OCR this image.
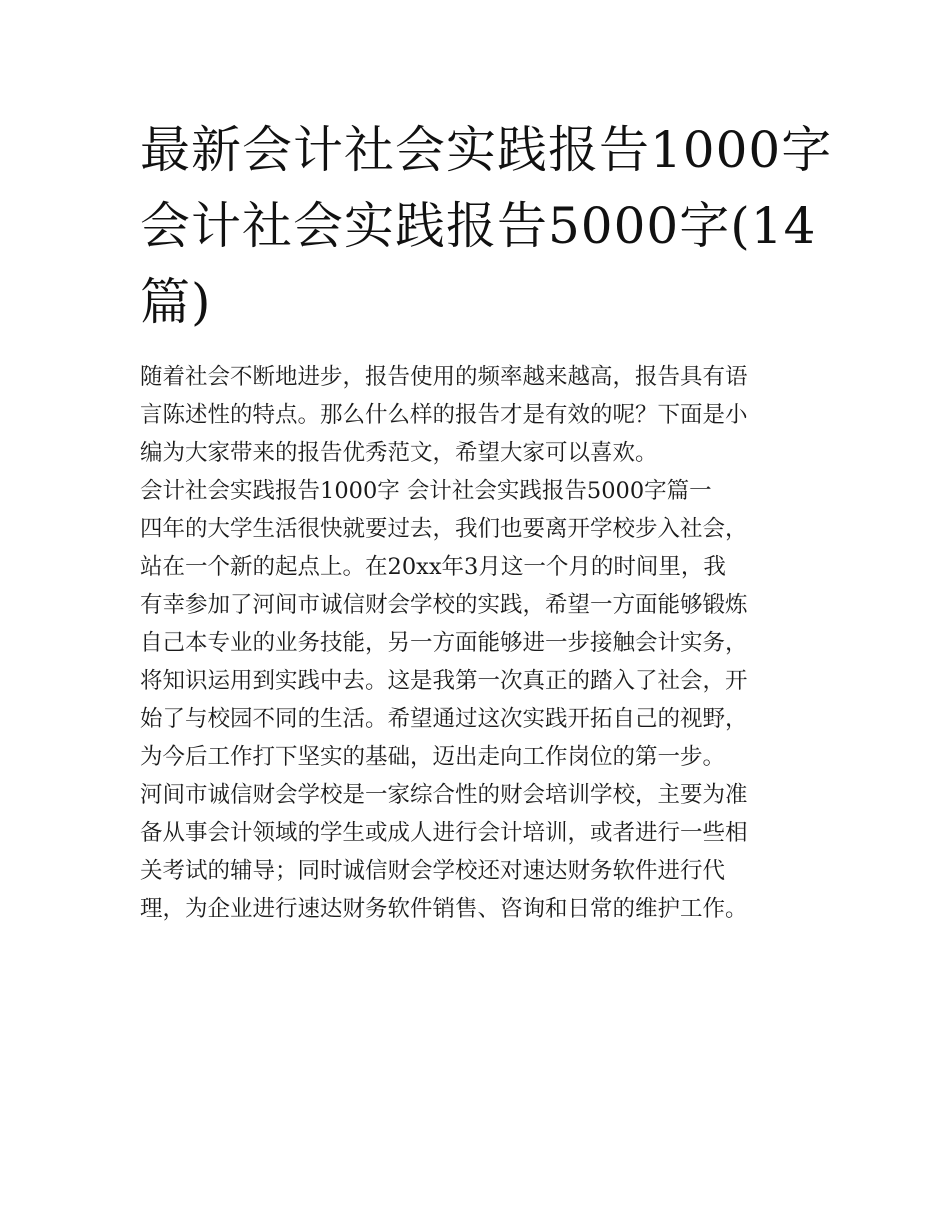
最新会计社会实践报告1000字
会计社会实践报告5000字(14
篇)
随着社会不断地进步，报告使用的频率越来越高，报告具有语
言陈述性的特点。那么什么样的报告才是有效的呢？下面是小
编为大家带来的报告优秀范文，希望大家可以喜欢。
会计社会实践报告1000字 会计社会实践报告5000字篇一
四年的大学生活很快就要过去，我们也要离开学校步入社会，
站在一个新的起点上。在20xx年3月这一个月的时间里，我
有幸参加了河间市诚信财会学校的实践，希望一方面能够锻炼
自己本专业的业务技能，另一方面能够进一步接触会计实务，
将知识运用到实践中去。这是我第一次真正的踏入了社会，开
始了与校园不同的生活。希望通过这次实践开拓自己的视野，
为今后工作打下坚实的基础，迈出走向工作岗位的第一步。
河间市诚信财会学校是一家综合性的财会培训学校，主要为准
备从事会计领域的学生或成人进行会计培训，或者进行一些相
关考试的辅导；同时诚信财会学校还对速达财务软件进行代
理，为企业进行速达财务软件销售、咨询和日常的维护工作。
